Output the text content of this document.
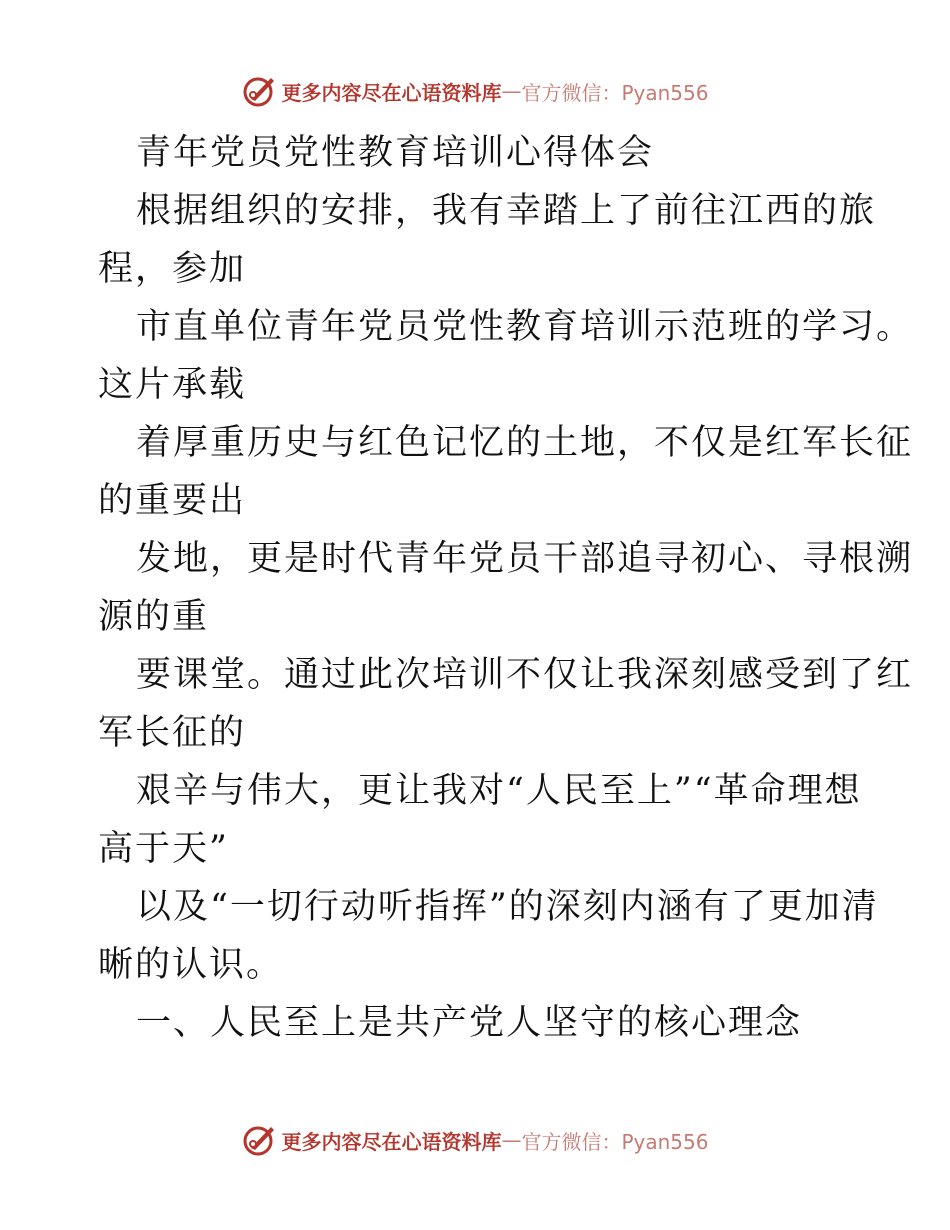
更多内容尽在心语资料库 — 官方微信：Pyan556
青年党员党性教育培训心得体会
根据组织的安排，我有幸踏上了前往江西的旅
程，参加
市直单位青年党员党性教育培训示范班的学习。
这片承载
着厚重历史与红色记忆的土地，不仅是红军长征
的重要出
发地，更是时代青年党员干部追寻初心、寻根溯
源的重
要课堂。通过此次培训不仅让我深刻感受到了红
军长征的
艰辛与伟大，更让我对“人民至上”“革命理想
高于天”
以及“一切行动听指挥”的深刻内涵有了更加清
晰的认识。
一、人民至上是共产党人坚守的核心理念
更多内容尽在心语资料库 — 官方微信：Pyan556
